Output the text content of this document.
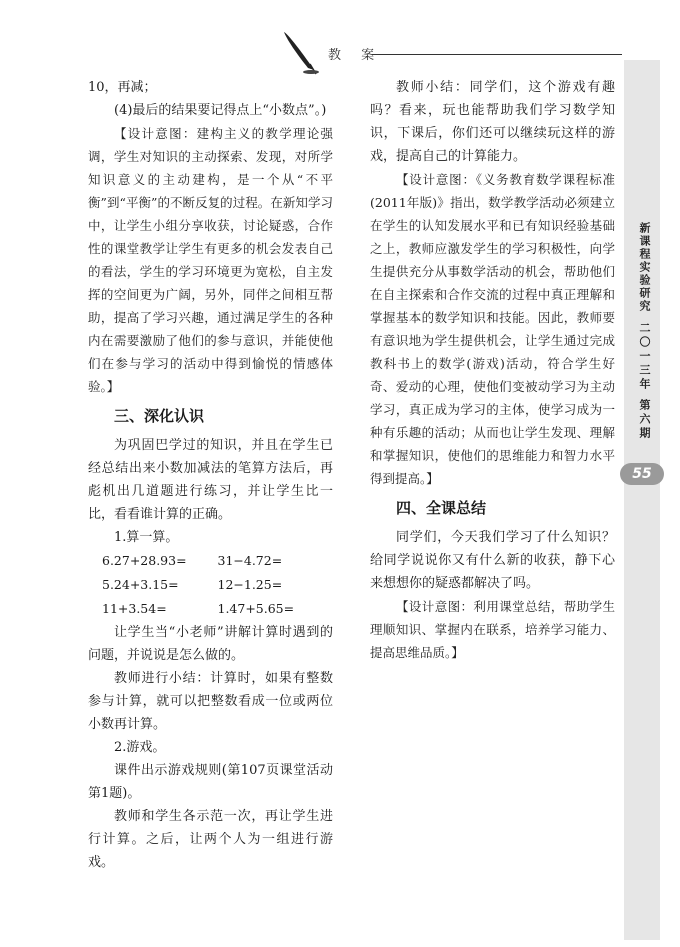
教 案
新课程实验研究
二〇一三年 第六期
55

10，再减；

(4)最后的结果要记得点上“小数点”。)

【设计意图：建构主义的教学理论强调，学生对知识的主动探索、发现，对所学知识意义的主动建构，是一个从“不平衡”到“平衡”的不断反复的过程。在新知学习中，让学生小组分享收获，讨论疑惑，合作性的课堂教学让学生有更多的机会发表自己的看法，学生的学习环境更为宽松，自主发挥的空间更为广阔，另外，同伴之间相互帮助，提高了学习兴趣，通过满足学生的各种内在需要激励了他们的参与意识，并能使他们在参与学习的活动中得到愉悦的情感体验。】

三、深化认识

为巩固巴学过的知识，并且在学生已经总结出来小数加减法的笔算方法后，再彪机出几道题进行练习，并让学生比一比，看看谁计算的正确。

1.算一算。

6.27+28.93=	31−4.72=
5.24+3.15=	12−1.25=
11+3.54=	1.47+5.65=

让学生当“小老师”讲解计算时遇到的问题，并说说是怎么做的。

教师进行小结：计算时，如果有整数参与计算，就可以把整数看成一位或两位小数再计算。

2.游戏。

课件出示游戏规则(第107页课堂活动第1题)。

教师和学生各示范一次，再让学生进行计算。之后，让两个人为一组进行游戏。

教师小结：同学们，这个游戏有趣吗？看来，玩也能帮助我们学习数学知识，下课后，你们还可以继续玩这样的游戏，提高自己的计算能力。

【设计意图：《义务教育数学课程标准(2011年版)》指出，数学教学活动必须建立在学生的认知发展水平和已有知识经验基础之上，教师应激发学生的学习积极性，向学生提供充分从事数学活动的机会，帮助他们在自主探索和合作交流的过程中真正理解和掌握基本的数学知识和技能。因此，教师要有意识地为学生提供机会，让学生通过完成教科书上的数学(游戏)活动，符合学生好奇、爱动的心理，使他们变被动学习为主动学习，真正成为学习的主体，使学习成为一种有乐趣的活动；从而也让学生发现、理解和掌握知识，使他们的思维能力和智力水平得到提高。】

四、全课总结

同学们，今天我们学习了什么知识？给同学说说你又有什么新的收获，静下心来想想你的疑惑都解决了吗。

【设计意图：利用课堂总结，帮助学生理顺知识、掌握内在联系，培养学习能力、提高思维品质。】
